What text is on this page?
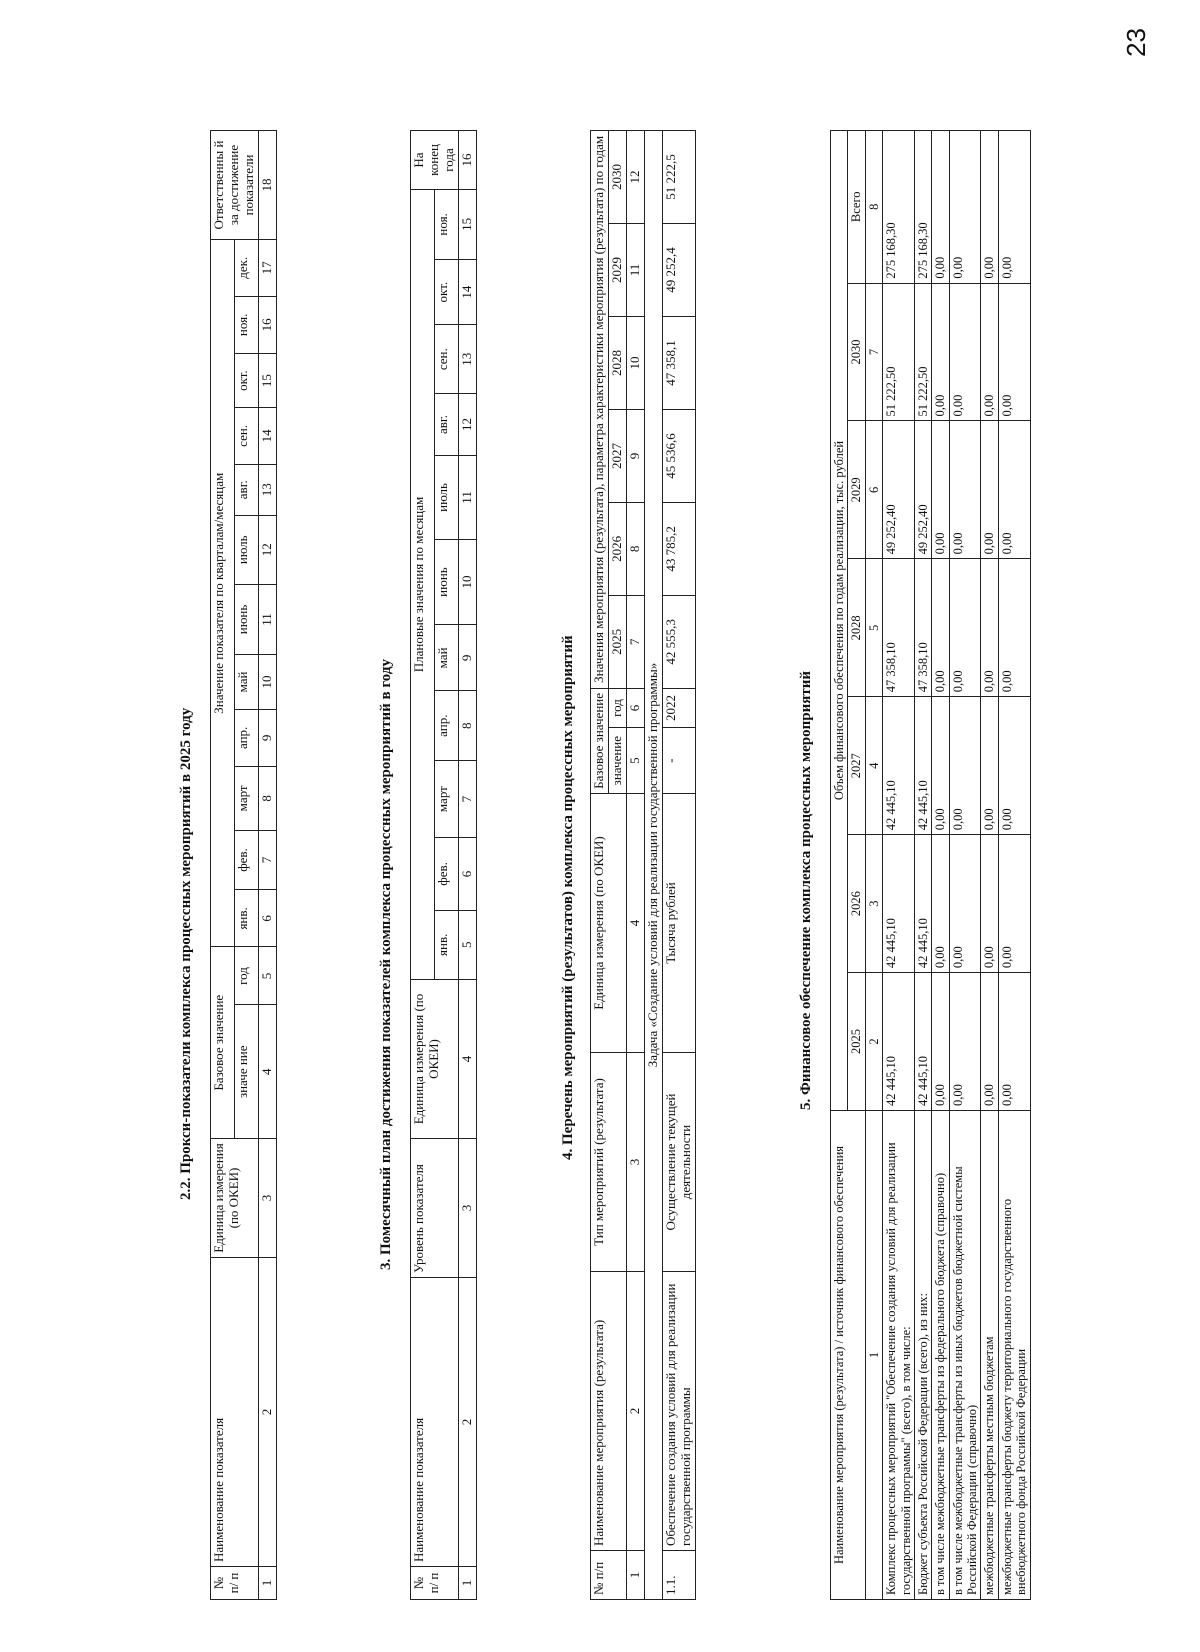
23
2.2. Прокси-показатели комплекса процессных мероприятий в 2025 году
№ п/ п	Наименование показателя	Единица измерения (по ОКЕИ)	Базовое значение		Значение показателя по кварталам/месяцам												Ответственны й за достижение показатели
			значе ние	год	янв.	фев.	март	апр.	май	июнь	июль	авг.	сен.	окт.	ноя.	дек.	
1	2	3	4	5	6	7	8	9	10	11	12	13	14	15	16	17	18
3. Помесячный план достижения показателей комплекса процессных мероприятий в году
№ п/ п	Наименование показателя	Уровень показателя	Единица измерения (по ОКЕИ)	Плановые значения по месяцам											На конец года
				янв.	фев.	март	апр.	май	июнь	июль	авг.	сен.	окт.	ноя.	
1	2	3	4	5	6	7	8	9	10	11	12	13	14	15	16
4. Перечень мероприятий (результатов) комплекса процессных мероприятий
№ п/п	Наименование мероприятия (результата)	Тип мероприятий (результата)	Единица измерения (по ОКЕИ)	Базовое значение		Значения мероприятия (результата), параметра характеристики мероприятия (результата) по годам					
				значение	год	2025	2026	2027	2028	2029	2030
1	2	3	4	5	6	7	8	9	10	11	12
Задача «Создание условий для реализации государственной программы»											
1.1.	Обеспечение создания условий для реализации государственной программы	Осуществление текущей деятельности	Тысяча рублей	-	2022	42 555,3	43 785,2	45 536,6	47 358,1	49 252,4	51 222,5
5. Финансовое обеспечение комплекса процессных мероприятий
Наименование мероприятия (результата) / источник финансового обеспечения	Объем финансового обеспечения по годам реализации, тыс. рублей						
	2025	2026	2027	2028	2029	2030	Всего
1	2	3	4	5	6	7	8
Комплекс процессных мероприятий "Обеспечение создания условий для реализации государственной программы" (всего), в том числе:	42 445,10	42 445,10	42 445,10	47 358,10	49 252,40	51 222,50	275 168,30
Бюджет субъекта Российской Федерации (всего), из них:	42 445,10	42 445,10	42 445,10	47 358,10	49 252,40	51 222,50	275 168,30
в том числе межбюджетные трансферты из федерального бюджета (справочно)	0,00	0,00	0,00	0,00	0,00	0,00	0,00
в том числе межбюджетные трансферты из иных бюджетов бюджетной системы Российской Федерации (справочно)	0,00	0,00	0,00	0,00	0,00	0,00	0,00
межбюджетные трансферты местным бюджетам	0,00	0,00	0,00	0,00	0,00	0,00	0,00
межбюджетные трансферты бюджету территориального государственного внебюджетного фонда Российской Федерации	0,00	0,00	0,00	0,00	0,00	0,00	0,00
